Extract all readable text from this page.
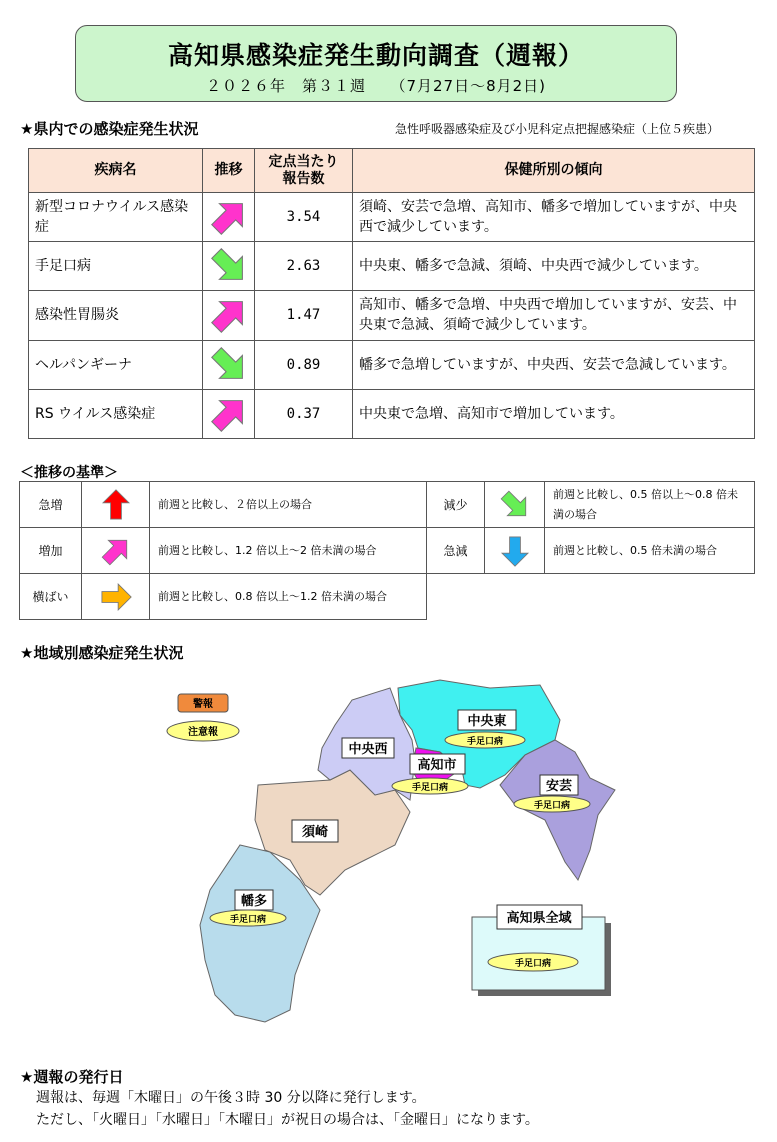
高知県感染症発生動向調査（週報）
２０２６年　第３１週　　（7月27日～8月2日)
★県内での感染症発生状況	急性呼吸器感染症及び小児科定点把握感染症（上位５疾患）
疾病名	推移	定点当たり報告数	保健所別の傾向
新型コロナウイルス感染症		3.54	須崎、安芸で急増、高知市、幡多で増加していますが、中央西で減少しています。
手足口病		2.63	中央東、幡多で急減、須崎、中央西で減少しています。
感染性胃腸炎		1.47	高知市、幡多で急増、中央西で増加していますが、安芸、中央東で急減、須崎で減少しています。
ヘルパンギーナ		0.89	幡多で急増していますが、中央西、安芸で急減しています。
RS ウイルス感染症		0.37	中央東で急増、高知市で増加しています。
＜推移の基準＞
急増		前週と比較し、２倍以上の場合	減少		前週と比較し、0.5 倍以上～0.8 倍未満の場合
増加		前週と比較し、1.2 倍以上～2 倍未満の場合	急減		前週と比較し、0.5 倍未満の場合
横ばい		前週と比較し、0.8 倍以上～1.2 倍未満の場合			
★地域別感染症発生状況
警報
注意報
中央東
手足口病
中央西
高知市
手足口病	安芸
手足口病
須崎
幡多
手足口病	高知県全域
手足口病
★週報の発行日
週報は、毎週「木曜日」の午後３時 30 分以降に発行します。
ただし、「火曜日」「水曜日」「木曜日」が祝日の場合は、「金曜日」になります。
